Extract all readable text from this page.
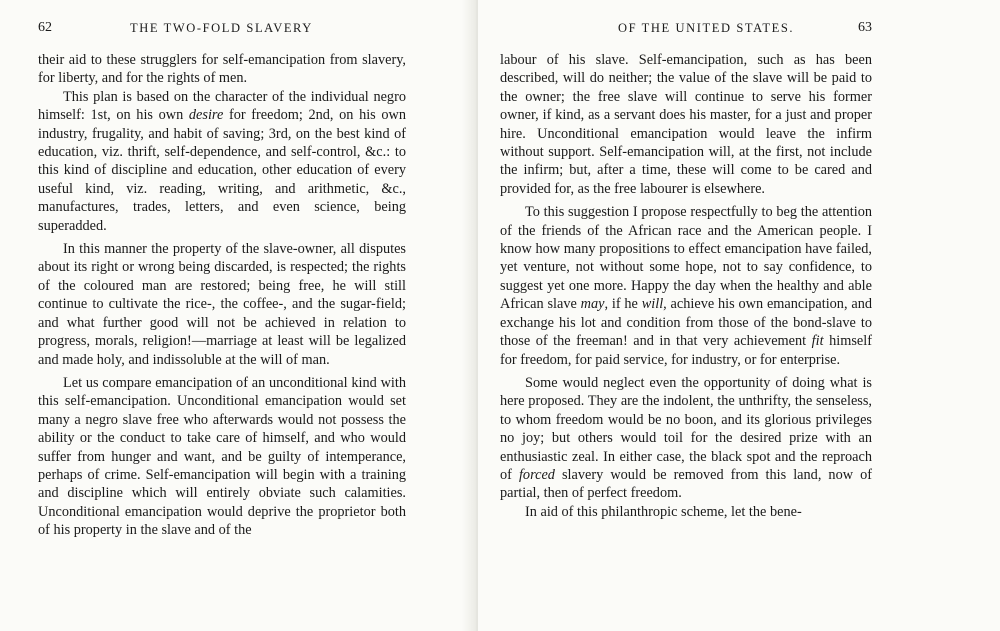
62	THE TWO-FOLD SLAVERY

their aid to these strugglers for self-emancipation from slavery, for liberty, and for the rights of men.

This plan is based on the character of the individual negro himself: 1st, on his own desire for freedom; 2nd, on his own industry, frugality, and habit of saving; 3rd, on the best kind of education, viz. thrift, self-dependence, and self-control, &c.: to this kind of discipline and education, other education of every useful kind, viz. reading, writing, and arithmetic, &c., manufactures, trades, letters, and even science, being superadded.

In this manner the property of the slave-owner, all disputes about its right or wrong being discarded, is respected; the rights of the coloured man are restored; being free, he will still continue to cultivate the rice-, the coffee-, and the sugar-field; and what further good will not be achieved in relation to progress, morals, religion!—marriage at least will be legalized and made holy, and indissoluble at the will of man.

Let us compare emancipation of an unconditional kind with this self-emancipation. Unconditional emancipation would set many a negro slave free who afterwards would not possess the ability or the conduct to take care of himself, and who would suffer from hunger and want, and be guilty of intemperance, perhaps of crime. Self-emancipation will begin with a training and discipline which will entirely obviate such calamities. Unconditional emancipation would deprive the proprietor both of his property in the slave and of the

OF THE UNITED STATES.	63

labour of his slave. Self-emancipation, such as has been described, will do neither; the value of the slave will be paid to the owner; the free slave will continue to serve his former owner, if kind, as a servant does his master, for a just and proper hire. Unconditional emancipation would leave the infirm without support. Self-emancipation will, at the first, not include the infirm; but, after a time, these will come to be cared and provided for, as the free labourer is elsewhere.

To this suggestion I propose respectfully to beg the attention of the friends of the African race and the American people. I know how many propositions to effect emancipation have failed, yet venture, not without some hope, not to say confidence, to suggest yet one more. Happy the day when the healthy and able African slave may, if he will, achieve his own emancipation, and exchange his lot and condition from those of the bond-slave to those of the freeman! and in that very achievement fit himself for freedom, for paid service, for industry, or for enterprise.

Some would neglect even the opportunity of doing what is here proposed. They are the indolent, the unthrifty, the senseless, to whom freedom would be no boon, and its glorious privileges no joy; but others would toil for the desired prize with an enthusiastic zeal. In either case, the black spot and the reproach of forced slavery would be removed from this land, now of partial, then of perfect freedom.

In aid of this philanthropic scheme, let the bene-
